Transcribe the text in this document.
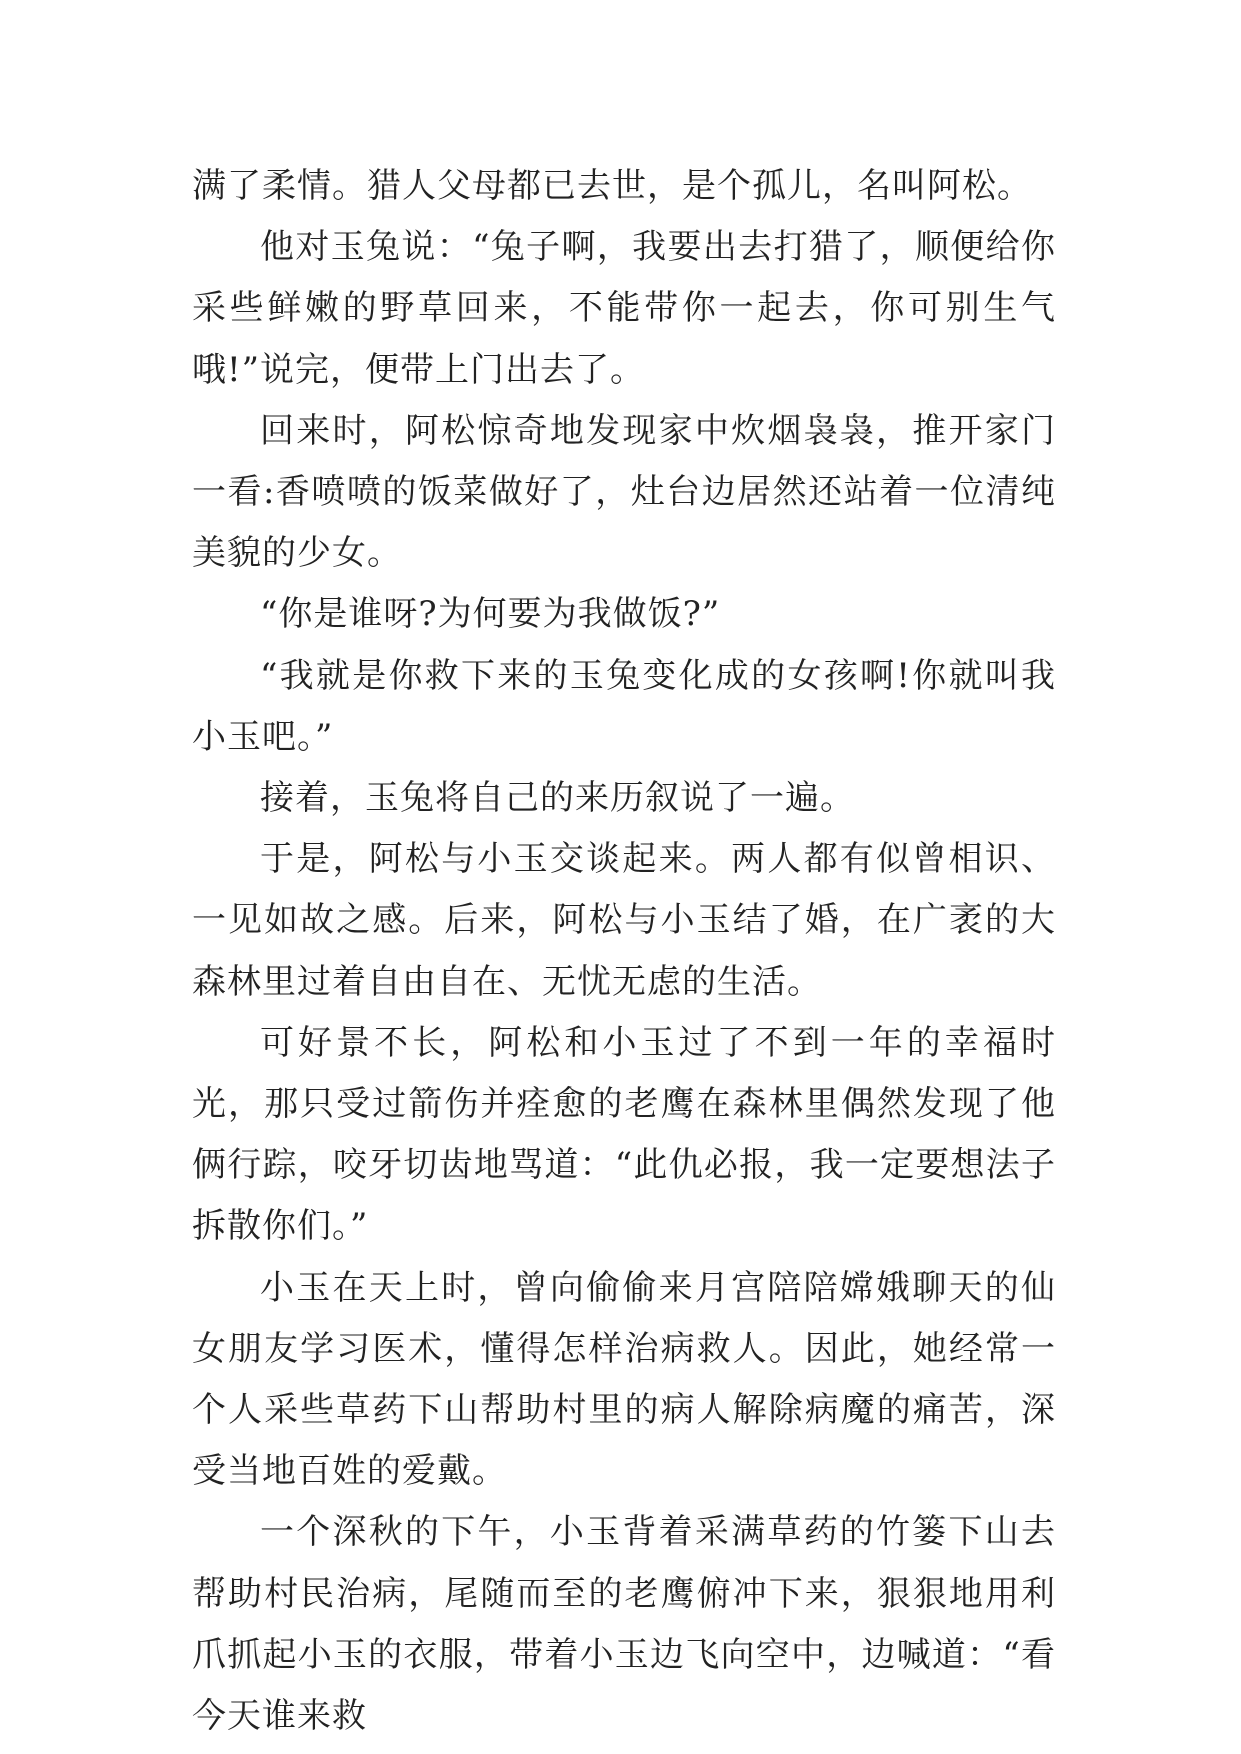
满了柔情。猎人父母都已去世，是个孤儿，名叫阿松。

他对玉兔说：“兔子啊，我要出去打猎了，顺便给你采些鲜嫩的野草回来，不能带你一起去，你可别生气哦!”说完，便带上门出去了。

回来时，阿松惊奇地发现家中炊烟袅袅，推开家门一看:香喷喷的饭菜做好了，灶台边居然还站着一位清纯美貌的少女。

“你是谁呀?为何要为我做饭?”

“我就是你救下来的玉兔变化成的女孩啊!你就叫我小玉吧。”

接着，玉兔将自己的来历叙说了一遍。

于是，阿松与小玉交谈起来。两人都有似曾相识、一见如故之感。后来，阿松与小玉结了婚，在广袤的大森林里过着自由自在、无忧无虑的生活。

可好景不长，阿松和小玉过了不到一年的幸福时光，那只受过箭伤并痊愈的老鹰在森林里偶然发现了他俩行踪，咬牙切齿地骂道：“此仇必报，我一定要想法子拆散你们。”

小玉在天上时，曾向偷偷来月宫陪陪嫦娥聊天的仙女朋友学习医术，懂得怎样治病救人。因此，她经常一个人采些草药下山帮助村里的病人解除病魔的痛苦，深受当地百姓的爱戴。

一个深秋的下午，小玉背着采满草药的竹篓下山去帮助村民治病，尾随而至的老鹰俯冲下来，狠狠地用利爪抓起小玉的衣服，带着小玉边飞向空中，边喊道：“看今天谁来救
